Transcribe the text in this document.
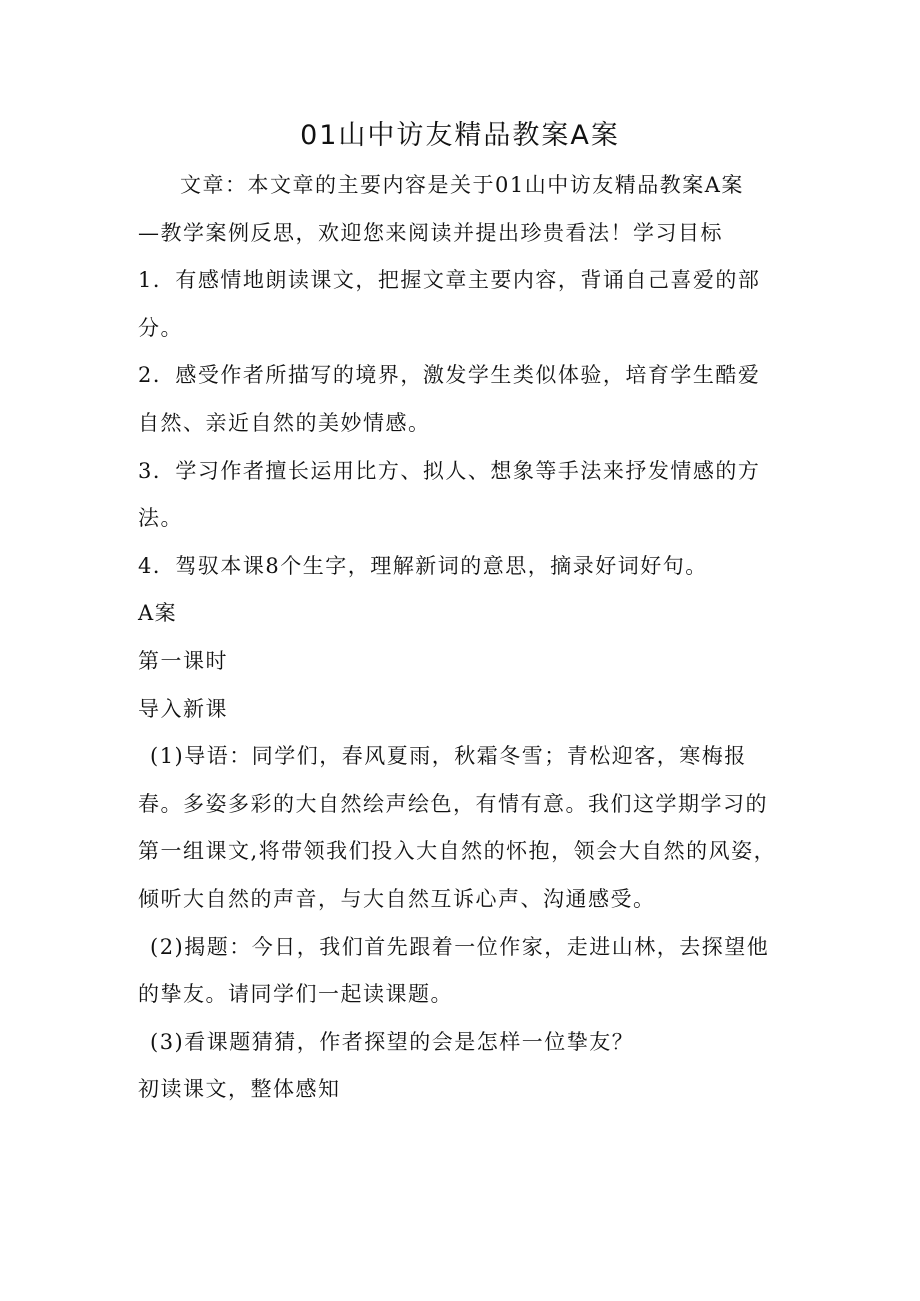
01山中访友精品教案A案

文章：本文章的主要内容是关于01山中访友精品教案A案

—教学案例反思，欢迎您来阅读并提出珍贵看法！学习目标

1．有感情地朗读课文，把握文章主要内容，背诵自己喜爱的部分。

2．感受作者所描写的境界，激发学生类似体验，培育学生酷爱自然、亲近自然的美妙情感。

3．学习作者擅长运用比方、拟人、想象等手法来抒发情感的方法。

4．驾驭本课8个生字，理解新词的意思，摘录好词好句。

A案

第一课时

导入新课

(1)导语：同学们，春风夏雨，秋霜冬雪；青松迎客，寒梅报春。多姿多彩的大自然绘声绘色，有情有意。我们这学期学习的第一组课文,将带领我们投入大自然的怀抱，领会大自然的风姿，倾听大自然的声音，与大自然互诉心声、沟通感受。

(2)揭题：今日，我们首先跟着一位作家，走进山林，去探望他的挚友。请同学们一起读课题。

(3)看课题猜猜，作者探望的会是怎样一位挚友？

初读课文，整体感知
